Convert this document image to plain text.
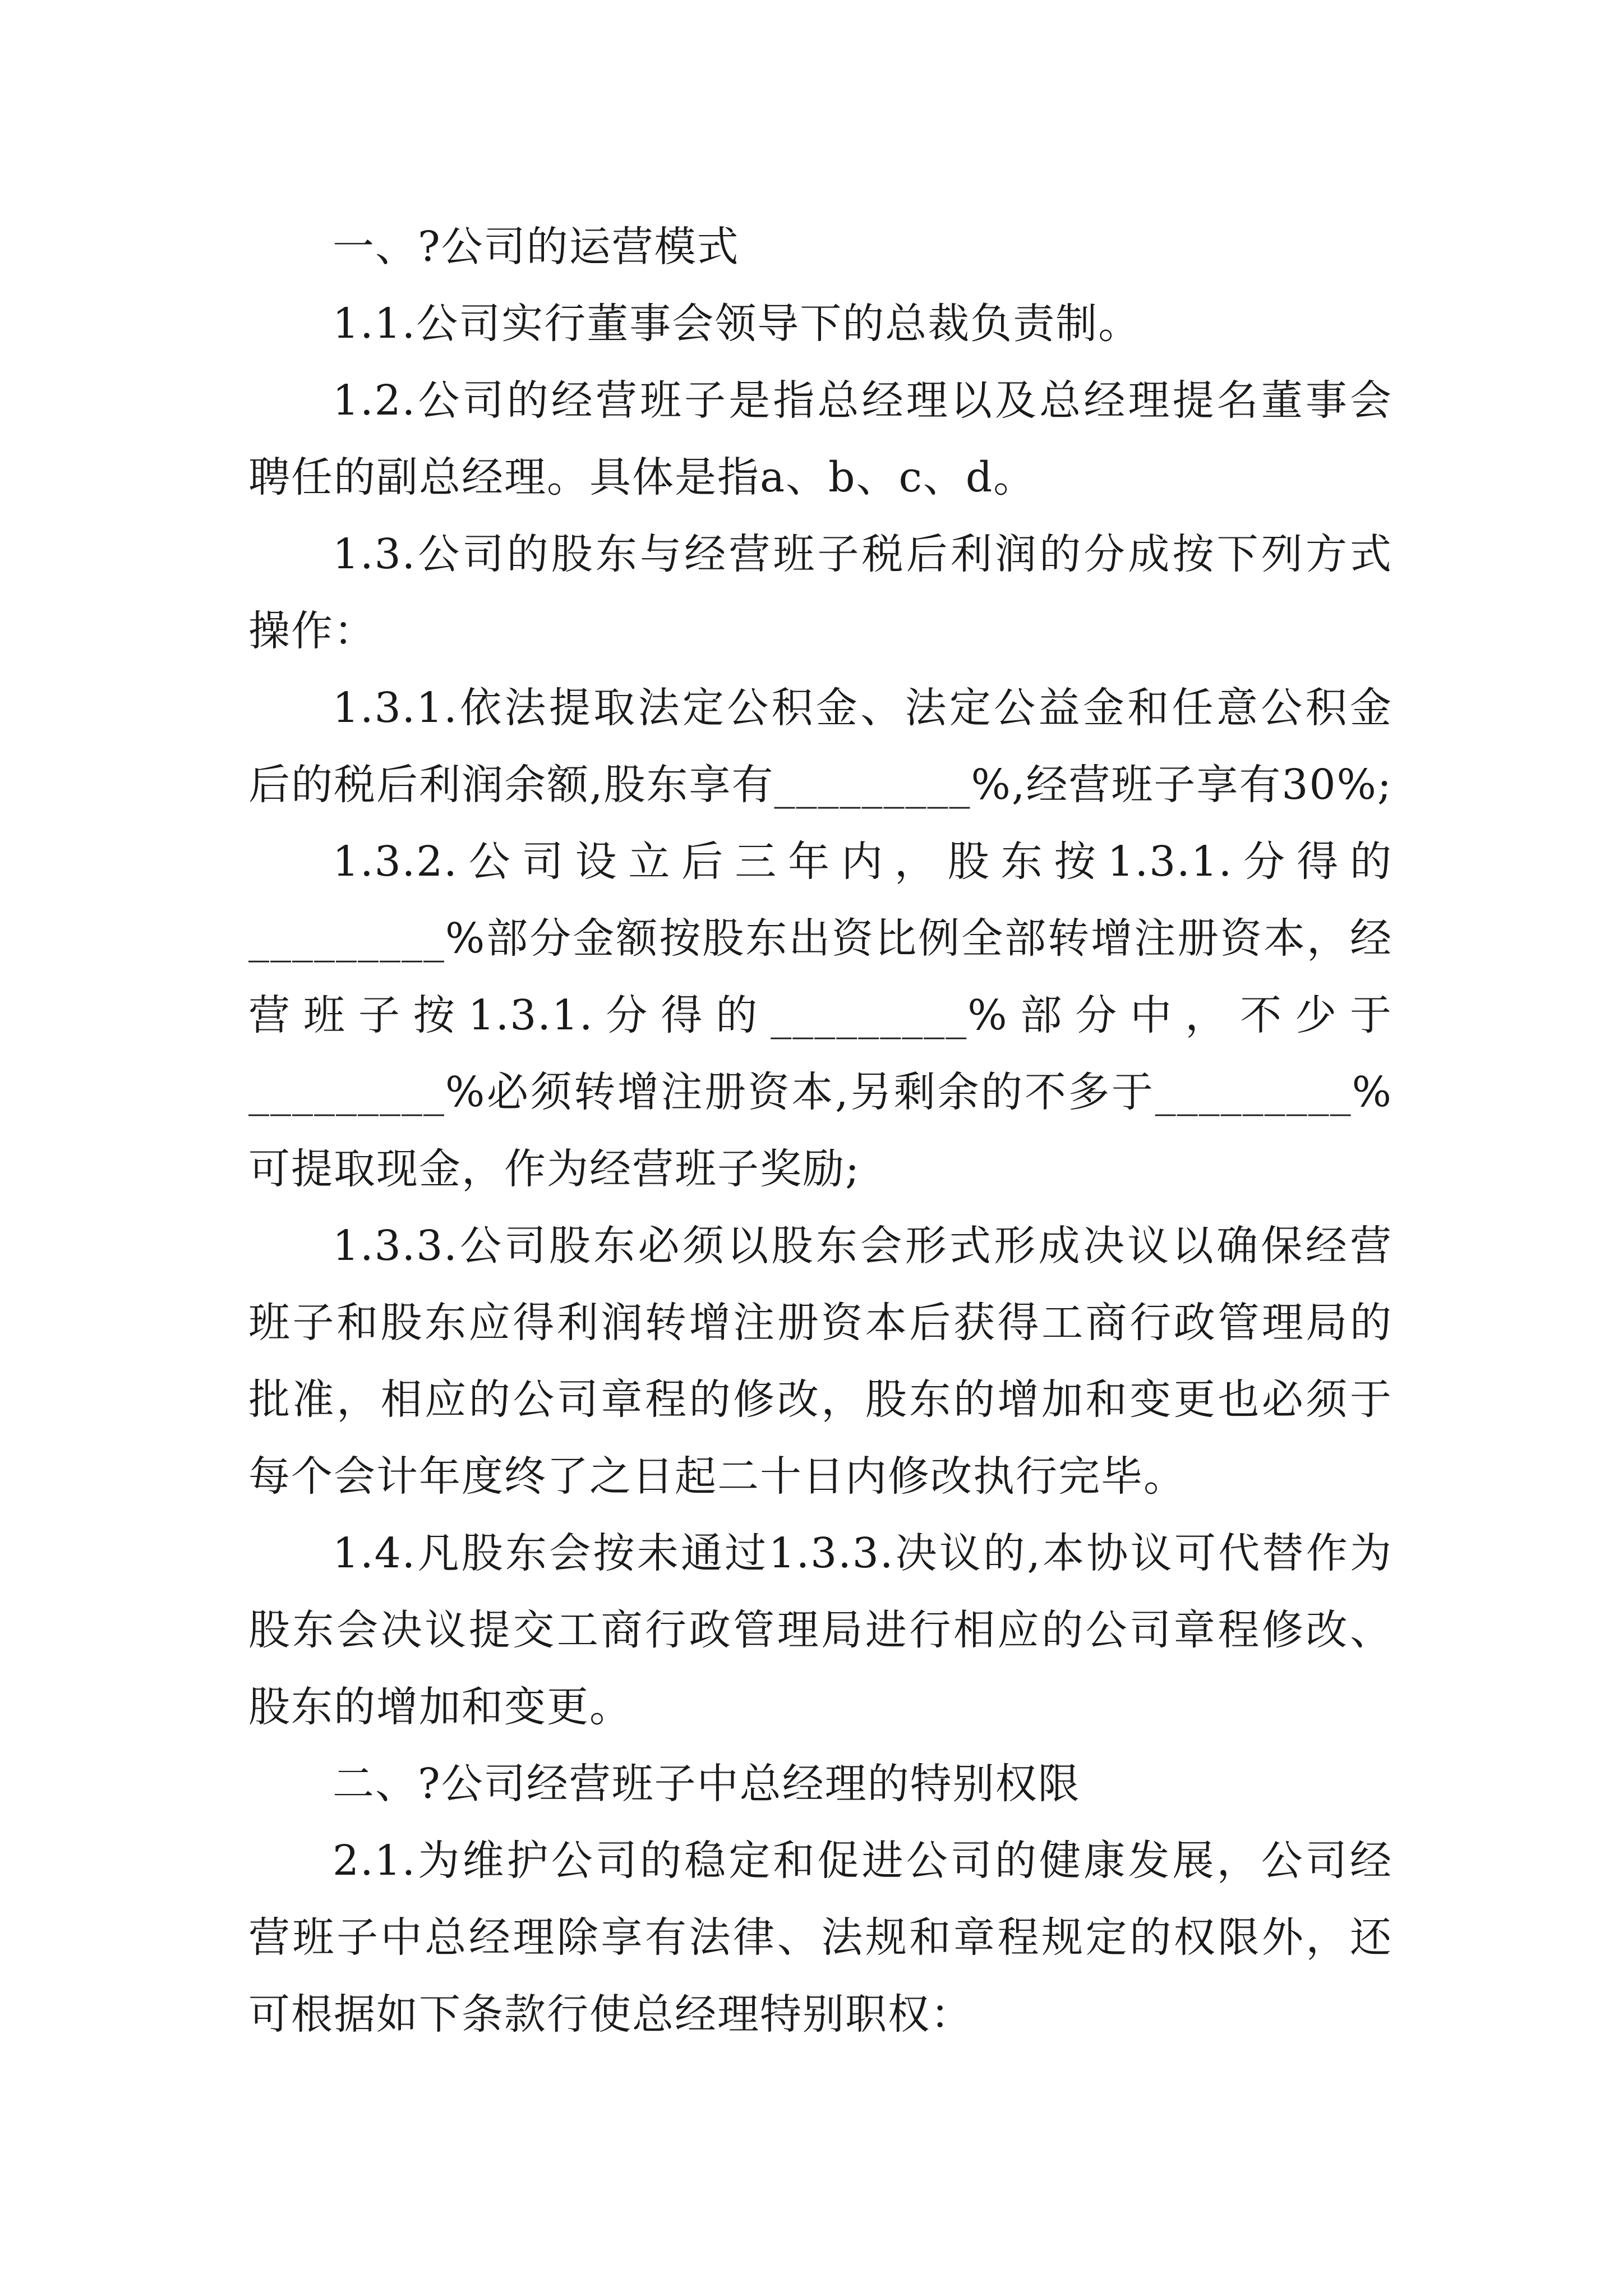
一、?公司的运营模式

1.1.公司实行董事会领导下的总裁负责制。

1.2.公司的经营班子是指总经理以及总经理提名董事会聘任的副总经理。具体是指a、b、c、d。

1.3.公司的股东与经营班子税后利润的分成按下列方式操作：

1.3.1.依法提取法定公积金、法定公益金和任意公积金后的税后利润余额,股东享有_________%,经营班子享有30%;

1.3.2.公司设立后三年内，股东按1.3.1.分得的_________%部分金额按股东出资比例全部转增注册资本，经营班子按1.3.1.分得的_________%部分中，不少于_________%必须转增注册资本,另剩余的不多于_________%可提取现金，作为经营班子奖励;

1.3.3.公司股东必须以股东会形式形成决议以确保经营班子和股东应得利润转增注册资本后获得工商行政管理局的批准，相应的公司章程的修改，股东的增加和变更也必须于每个会计年度终了之日起二十日内修改执行完毕。

1.4.凡股东会按未通过1.3.3.决议的,本协议可代替作为股东会决议提交工商行政管理局进行相应的公司章程修改、股东的增加和变更。

二、?公司经营班子中总经理的特别权限

2.1.为维护公司的稳定和促进公司的健康发展，公司经营班子中总经理除享有法律、法规和章程规定的权限外，还可根据如下条款行使总经理特别职权：
